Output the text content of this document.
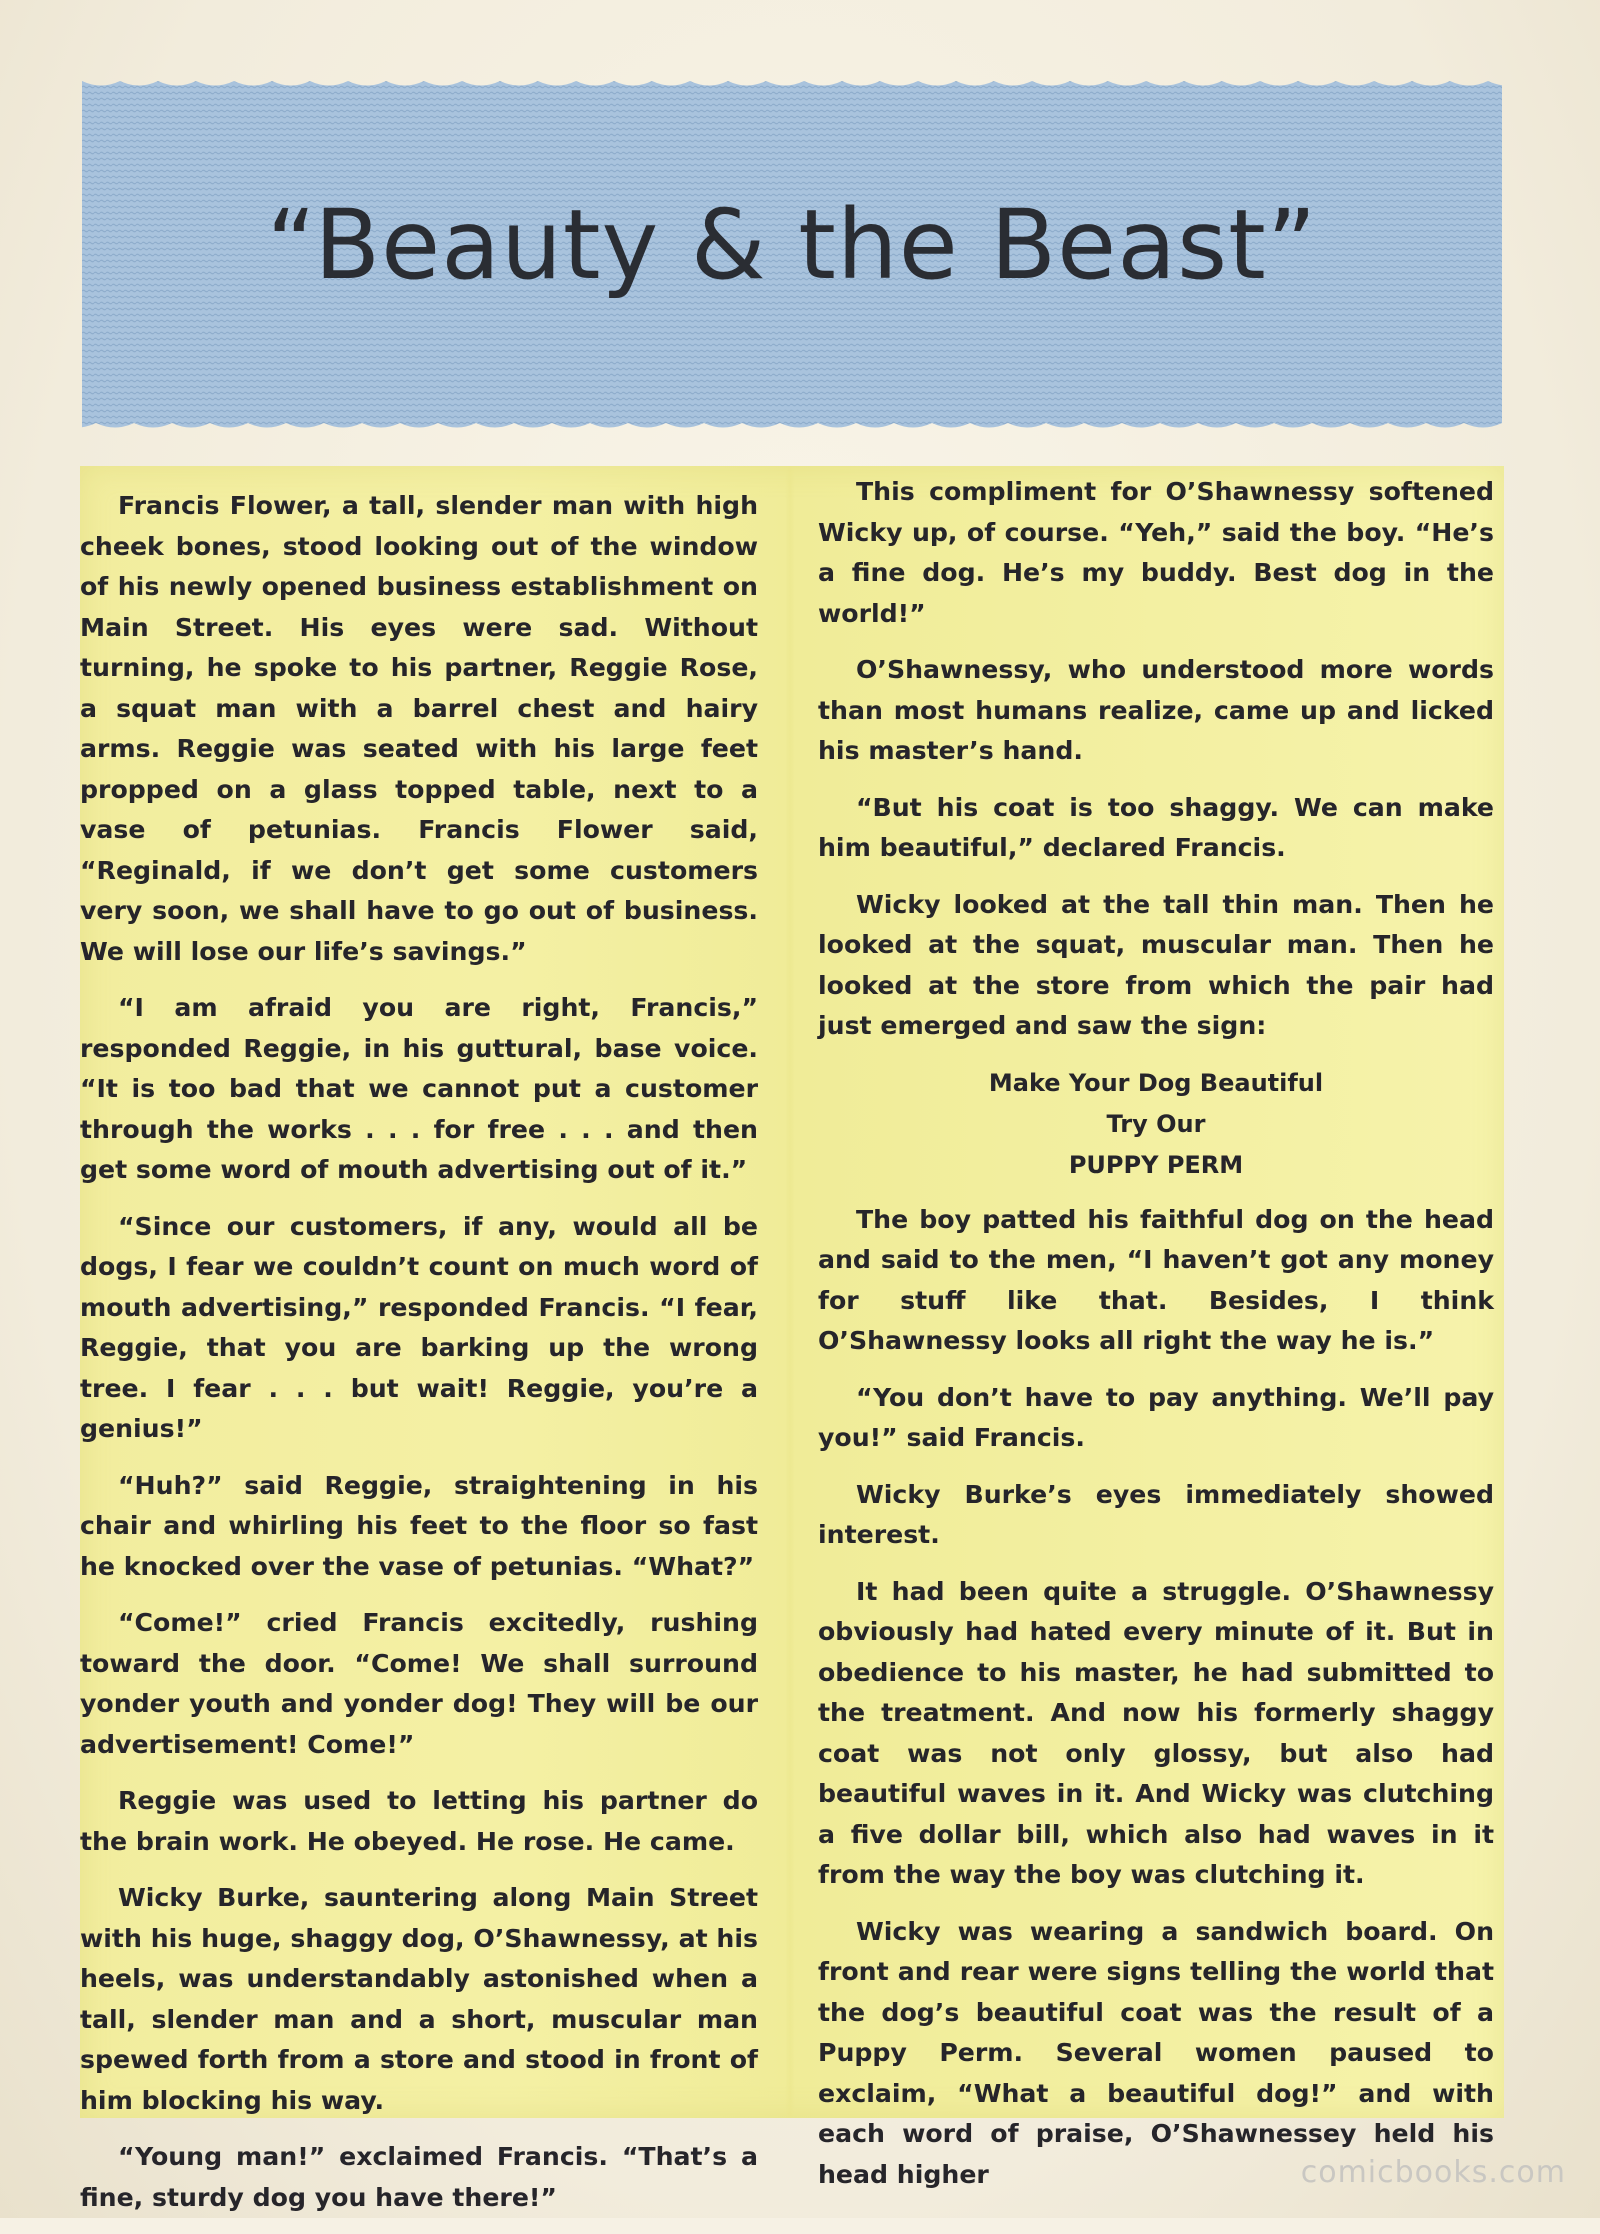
“Beauty & the Beast”

Francis Flower, a tall, slender man with high cheek bones, stood looking out of the window of his newly opened business establishment on Main Street. His eyes were sad. Without turning, he spoke to his partner, Reggie Rose, a squat man with a barrel chest and hairy arms. Reggie was seated with his large feet propped on a glass topped table, next to a vase of petunias. Francis Flower said, “Reginald, if we don’t get some customers very soon, we shall have to go out of business. We will lose our life’s savings.”

“I am afraid you are right, Francis,” responded Reggie, in his guttural, base voice. “It is too bad that we cannot put a customer through the works . . . for free . . . and then get some word of mouth advertising out of it.”

“Since our customers, if any, would all be dogs, I fear we couldn’t count on much word of mouth advertising,” responded Francis. “I fear, Reggie, that you are barking up the wrong tree. I fear . . . but wait! Reggie, you’re a genius!”

“Huh?” said Reggie, straightening in his chair and whirling his feet to the floor so fast he knocked over the vase of petunias. “What?”

“Come!” cried Francis excitedly, rushing toward the door. “Come! We shall surround yonder youth and yonder dog! They will be our advertisement! Come!”

Reggie was used to letting his partner do the brain work. He obeyed. He rose. He came.

Wicky Burke, sauntering along Main Street with his huge, shaggy dog, O’Shawnessy, at his heels, was understandably astonished when a tall, slender man and a short, muscular man spewed forth from a store and stood in front of him blocking his way.

“Young man!” exclaimed Francis. “That’s a fine, sturdy dog you have there!”

This compliment for O’Shawnessy softened Wicky up, of course. “Yeh,” said the boy. “He’s a fine dog. He’s my buddy. Best dog in the world!”

O’Shawnessy, who understood more words than most humans realize, came up and licked his master’s hand.

“But his coat is too shaggy. We can make him beautiful,” declared Francis.

Wicky looked at the tall thin man. Then he looked at the squat, muscular man. Then he looked at the store from which the pair had just emerged and saw the sign:

Make Your Dog Beautiful
Try Our
PUPPY PERM

The boy patted his faithful dog on the head and said to the men, “I haven’t got any money for stuff like that. Besides, I think O’Shawnessy looks all right the way he is.”

“You don’t have to pay anything. We’ll pay you!” said Francis.

Wicky Burke’s eyes immediately showed interest.

It had been quite a struggle. O’Shawnessy obviously had hated every minute of it. But in obedience to his master, he had submitted to the treatment. And now his formerly shaggy coat was not only glossy, but also had beautiful waves in it. And Wicky was clutching a five dollar bill, which also had waves in it from the way the boy was clutching it.

Wicky was wearing a sandwich board. On front and rear were signs telling the world that the dog’s beautiful coat was the result of a Puppy Perm. Several women paused to exclaim, “What a beautiful dog!” and with each word of praise, O’Shawnessey held his head higher	comicbooks.com
